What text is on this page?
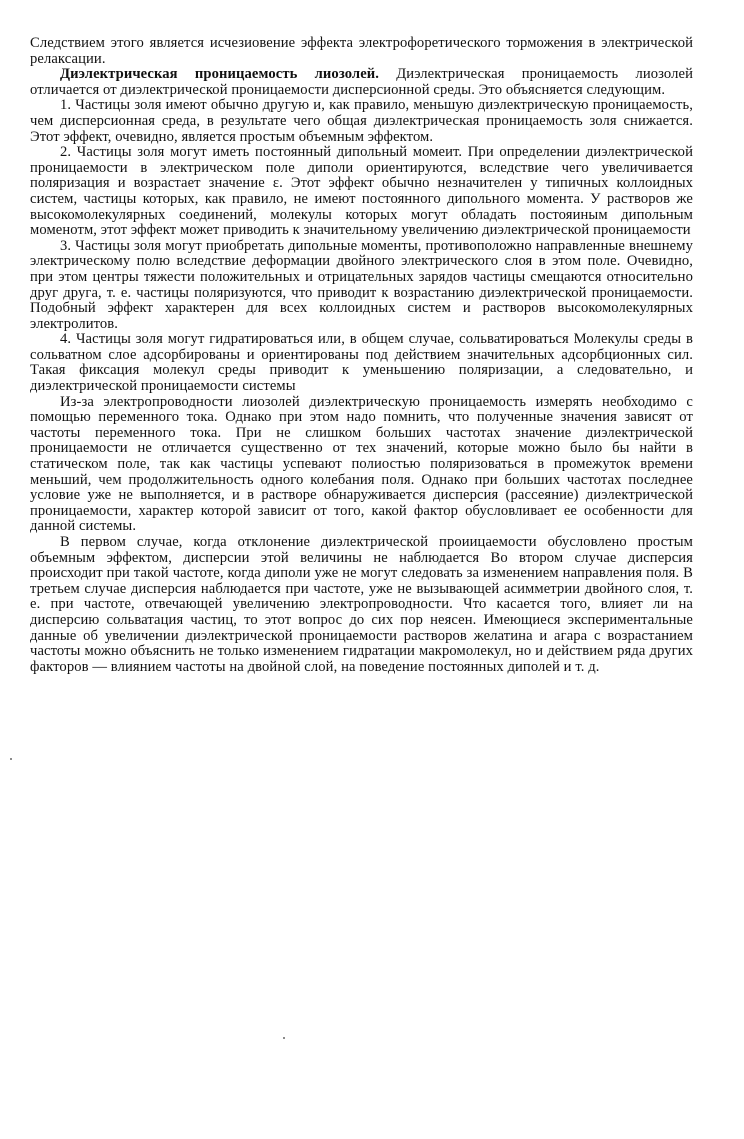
Следствием этого является исчезиовение эффекта электрофоретического торможения в электрической релаксации.

Диэлектрическая проницаемость лиозолей. Диэлектрическая проницаемость лиозолей отличается от диэлектрической проницаемости дисперсионной среды. Это объясняется следующим.

1. Частицы золя имеют обычно другую и, как правило, меньшую диэлектрическую проницаемость, чем дисперсионная среда, в результате чего общая диэлектрическая проницаемость золя снижается. Этот эффект, очевидно, является простым объемным эффектом.

2. Частицы золя могут иметь постоянный дипольный момеит. При определении диэлектрической проницаемости в электрическом поле диполи ориентируются, вследствие чего увеличивается поляризация и возрастает значение ε. Этот эффект обычно незначителен у типичных коллоидных систем, частицы которых, как правило, не имеют постоянного дипольного момента. У растворов же высокомолекулярных соединений, молекулы которых могут обладать постояиным дипольным моменотм, этот эффект может приводить к значительному увеличению диэлектрической проницаемости

3. Частицы золя могут приобретать дипольные моменты, противоположно направленные внешнему электрическому полю вследствие деформации двойного электрического слоя в этом поле. Очевидно, при этом центры тяжести положительных и отрицательных зарядов частицы смещаются относительно друг друга, т. е. частицы поляризуются, что приводит к возрастанию диэлектрической проницаемости. Подобный эффект характерен для всех коллоидных систем и растворов высокомолекулярных электролитов.

4. Частицы золя могут гидратироваться или, в общем случае, сольватироваться Молекулы среды в сольватном слое адсорбированы и ориентированы под действием значительных адсорбционных сил. Такая фиксация молекул среды приводит к уменьшению поляризации, а следовательно, и диэлектрической проницаемости системы

Из-за электропроводности лиозолей диэлектрическую проницаемость измерять необходимо с помощью переменного тока. Однако при этом надо помнить, что полученные значения зависят от частоты переменного тока. При не слишком больших частотах значение диэлектрической проницаемости не отличается существенно от тех значений, которые можно было бы найти в статическом поле, так как частицы успевают полиостью поляризоваться в промежуток времени меньший, чем продолжительность одного колебания поля. Однако при больших частотах последнее условие уже не выполняется, и в растворе обнаруживается дисперсия (рассеяние) диэлектрической проницаемости, характер которой зависит от того, какой фактор обусловливает ее особенности для данной системы.

В первом случае, когда отклонение диэлектрической проиицаемости обусловлено простым объемным эффектом, дисперсии этой величины не наблюдается Во втором случае дисперсия происходит при такой частоте, когда диполи уже не могут следовать за изменением направления поля. В третьем случае дисперсия наблюдается при частоте, уже не вызывающей асимметрии двойного слоя, т. е. при частоте, отвечающей увеличению электропроводности. Что касается того, влияет ли на дисперсию сольватация частиц, то этот вопрос до сих пор неясен. Имеющиеся экспериментальные данные об увеличении диэлектрической проницаемости растворов желатина и агара с возрастанием частоты можно объяснить не только изменением гидратации макромолекул, но и действием ряда других факторов — влиянием частоты на двойной слой, на поведение постоянных диполей и т. д.
